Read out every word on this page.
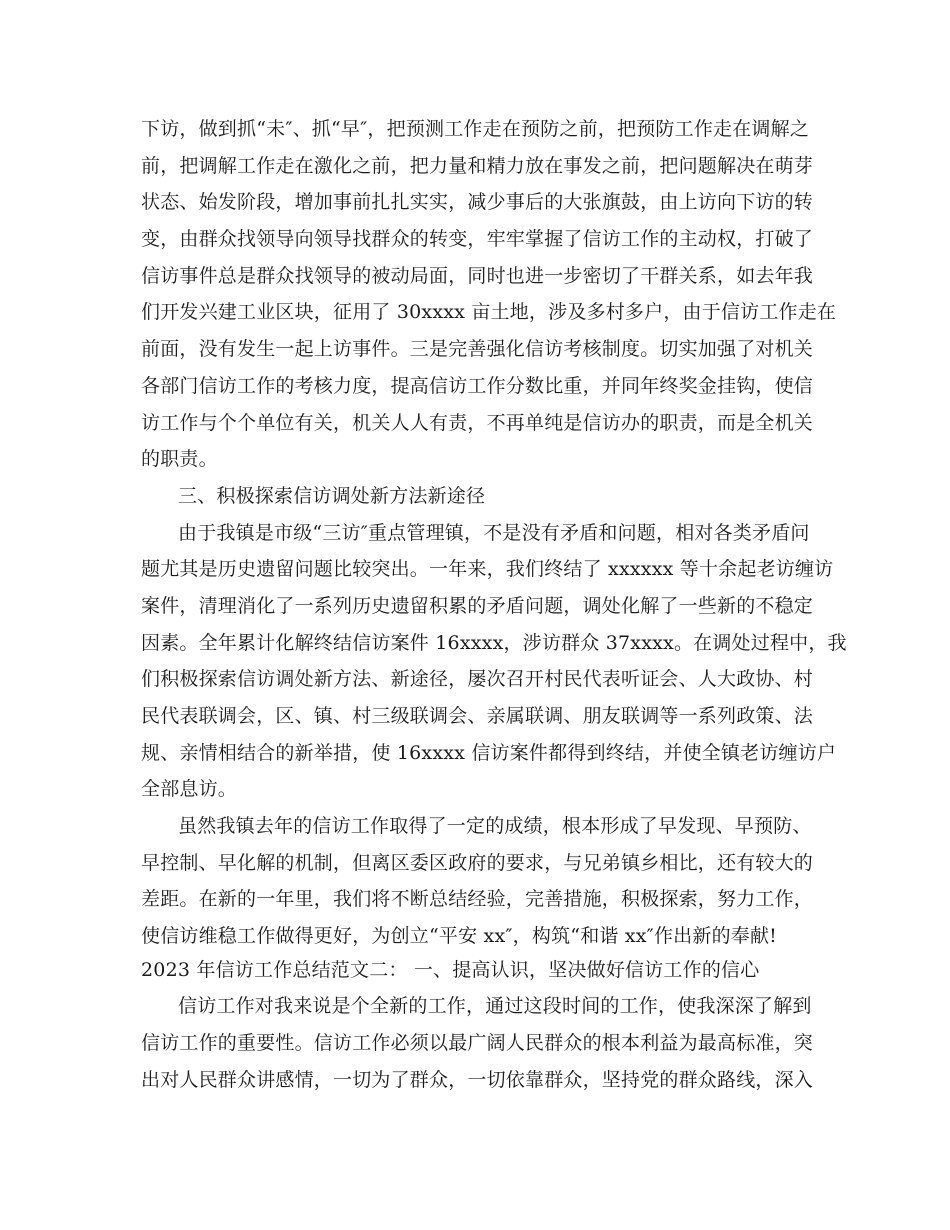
下访，做到抓“未″、抓“早″，把预测工作走在预防之前，把预防工作走在调解之
前，把调解工作走在激化之前，把力量和精力放在事发之前，把问题解决在萌芽
状态、始发阶段，增加事前扎扎实实，减少事后的大张旗鼓，由上访向下访的转
变，由群众找领导向领导找群众的转变，牢牢掌握了信访工作的主动权，打破了
信访事件总是群众找领导的被动局面，同时也进一步密切了干群关系，如去年我
们开发兴建工业区块，征用了 30xxxx 亩土地，涉及多村多户，由于信访工作走在
前面，没有发生一起上访事件。三是完善强化信访考核制度。切实加强了对机关
各部门信访工作的考核力度，提高信访工作分数比重，并同年终奖金挂钩，使信
访工作与个个单位有关，机关人人有责，不再单纯是信访办的职责，而是全机关
的职责。
三、积极探索信访调处新方法新途径
由于我镇是市级“三访″重点管理镇，不是没有矛盾和问题，相对各类矛盾问
题尤其是历史遗留问题比较突出。一年来，我们终结了 xxxxxx 等十余起老访缠访
案件，清理消化了一系列历史遗留积累的矛盾问题，调处化解了一些新的不稳定
因素。全年累计化解终结信访案件 16xxxx，涉访群众 37xxxx。在调处过程中，我
们积极探索信访调处新方法、新途径，屡次召开村民代表听证会、人大政协、村
民代表联调会，区、镇、村三级联调会、亲属联调、朋友联调等一系列政策、法
规、亲情相结合的新举措，使 16xxxx 信访案件都得到终结，并使全镇老访缠访户
全部息访。
虽然我镇去年的信访工作取得了一定的成绩，根本形成了早发现、早预防、
早控制、早化解的机制，但离区委区政府的要求，与兄弟镇乡相比，还有较大的
差距。在新的一年里，我们将不断总结经验，完善措施，积极探索，努力工作，
使信访维稳工作做得更好，为创立“平安 xx″，构筑“和谐 xx″作出新的奉献!
2023 年信访工作总结范文二： 一、提高认识，坚决做好信访工作的信心
信访工作对我来说是个全新的工作，通过这段时间的工作，使我深深了解到
信访工作的重要性。信访工作必须以最广阔人民群众的根本利益为最高标准，突
出对人民群众讲感情，一切为了群众，一切依靠群众，坚持党的群众路线，深入
